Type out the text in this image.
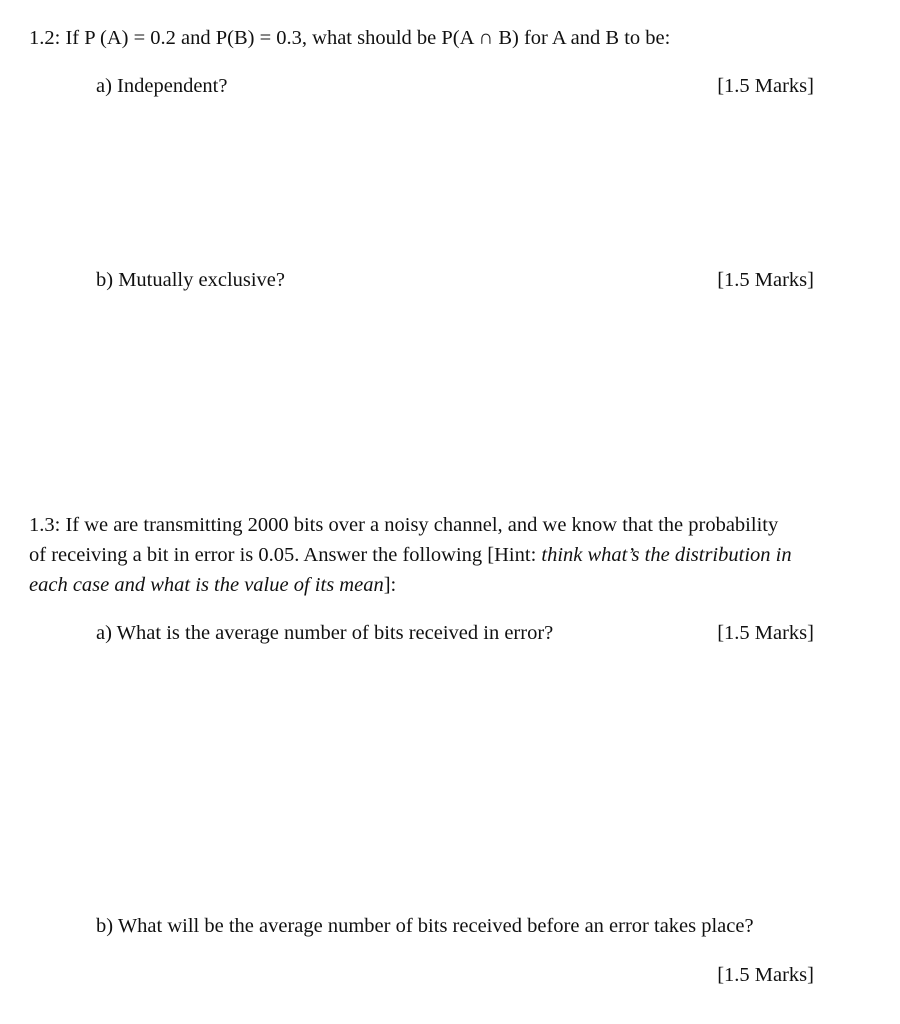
1.2: If P (A) = 0.2 and P(B) = 0.3, what should be P(A ∩ B) for A and B to be:
a) Independent?	[1.5 Marks]
b) Mutually exclusive?	[1.5 Marks]
1.3: If we are transmitting 2000 bits over a noisy channel, and we know that the probability
of receiving a bit in error is 0.05. Answer the following [Hint: think what’s the distribution in
each case and what is the value of its mean]:
a) What is the average number of bits received in error?	[1.5 Marks]
b) What will be the average number of bits received before an error takes place?
[1.5 Marks]
